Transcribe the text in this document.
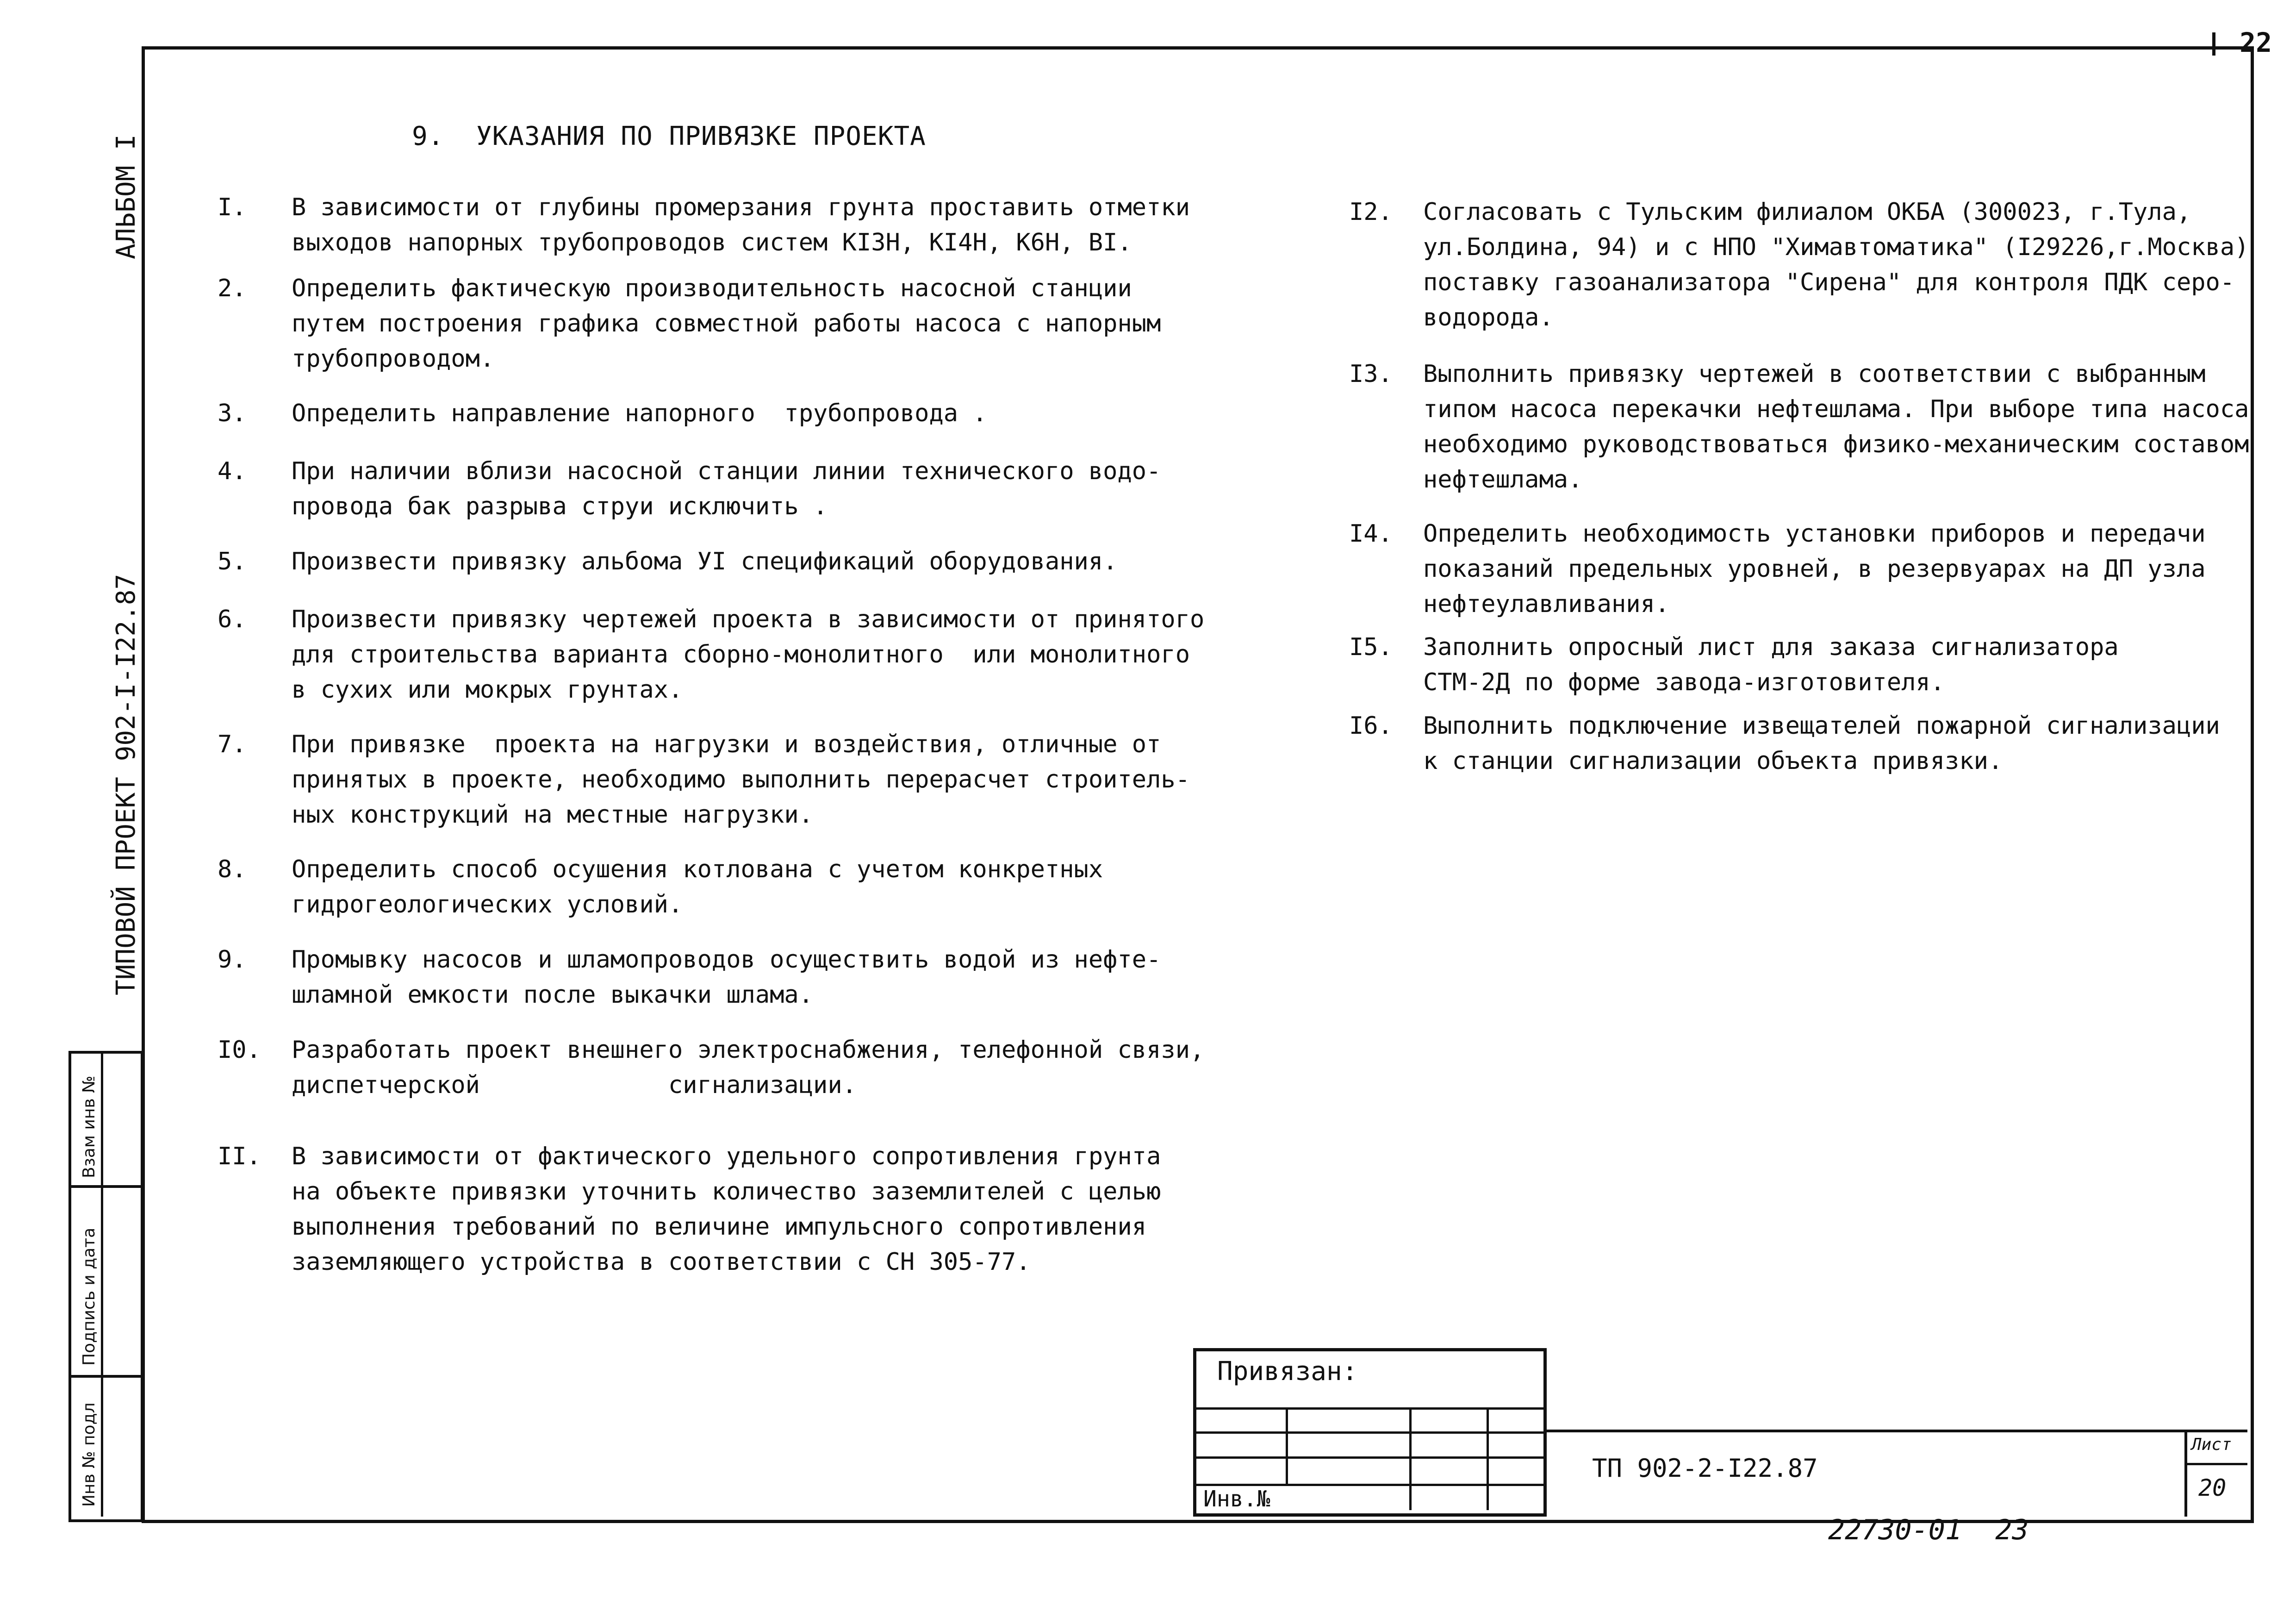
22
АЛЬБОМ I
ТИПОВОЙ ПРОЕКТ 902-I-I22.87
Взам инв №
Подпись и дата
Инв № подл
9.  УКАЗАНИЯ ПО ПРИВЯЗКЕ ПРОЕКТА
I.	В зависимости от глубины промерзания грунта проставить отметки
выходов напорных трубопроводов систем КI3Н, КI4Н, К6Н, ВI.
2.	Определить фактическую производительность насосной станции
путем построения графика совместной работы насоса с напорным
трубопроводом.
3.	Определить направление напорного  трубопровода .
4.	При наличии вблизи насосной станции линии технического водо-
провода бак разрыва струи исключить .
5.	Произвести привязку альбома УI спецификаций оборудования.
6.	Произвести привязку чертежей проекта в зависимости от принятого
для строительства варианта сборно-монолитного  или монолитного
в сухих или мокрых грунтах.
7.	При привязке  проекта на нагрузки и воздействия, отличные от
принятых в проекте, необходимо выполнить перерасчет строитель-
ных конструкций на местные нагрузки.
8.	Определить способ осушения котлована с учетом конкретных
гидрогеологических условий.
9.	Промывку насосов и шламопроводов осуществить водой из нефте-
шламной емкости после выкачки шлама.
I0.	Разработать проект внешнего электроснабжения, телефонной связи,
диспетчерской             сигнализации.
II.	В зависимости от фактического удельного сопротивления грунта
на объекте привязки уточнить количество заземлителей с целью
выполнения требований по величине импульсного сопротивления
заземляющего устройства в соответствии с СН 305-77.
I2.	Согласовать с Тульским филиалом ОКБА (300023, г.Тула,
ул.Болдина, 94) и с НПО "Химавтоматика" (I29226,г.Москва)
поставку газоанализатора "Сирена" для контроля ПДК серо-
водорода.
I3.	Выполнить привязку чертежей в соответствии с выбранным
типом насоса перекачки нефтешлама. При выборе типа насоса
необходимо руководствоваться физико-механическим составом
нефтешлама.
I4.	Определить необходимость установки приборов и передачи
показаний предельных уровней, в резервуарах на ДП узла
нефтеулавливания.
I5.	Заполнить опросный лист для заказа сигнализатора
СТМ-2Д по форме завода-изготовителя.
I6.	Выполнить подключение извещателей пожарной сигнализации
к станции сигнализации объекта привязки.
Привязан:
Инв.№
ТП 902-2-I22.87
Лист
20
22730-01  23
